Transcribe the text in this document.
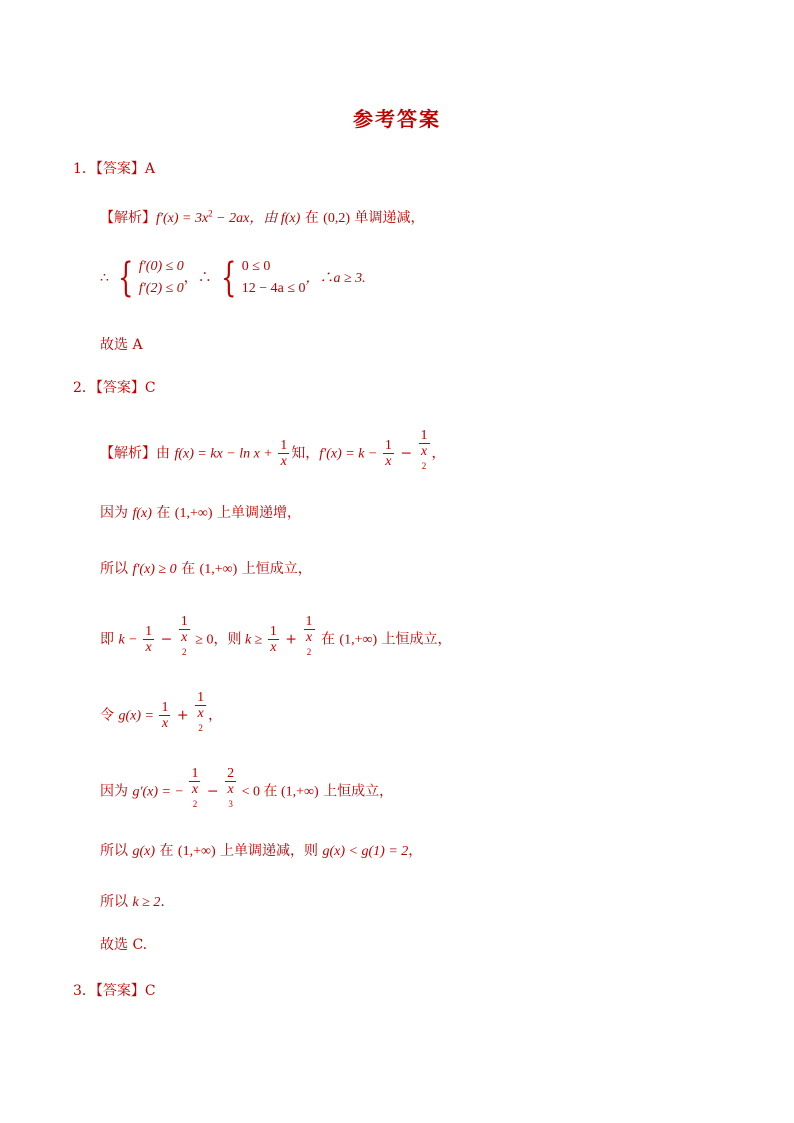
参考答案
1．【答案】A
【解析】$f'(x) = 3x^2 - 2ax$，由 f(x) 在 (0,2) 单调递减，
∴ { f′(0) ≤ 0
f′(2) ≤ 0
，∴ { 0 ≤ 0
12 − 4a ≤ 0
，∴a ≥ 3.
故选 A
2．【答案】C
【解析】由 f(x) = kx − $\ln x + \frac{1}{x}$ 知，$f'(x) = k - \frac{1}{x} - 1$
x
$^2$ ，
因为 f(x) 在 (1,+∞) 上单调递增，
所以 f′(x) ≥ 0 在 (1,+∞) 上恒成立，
即 $k - \frac{1}{x} - 1$
x
$^2$ ≥ 0，则 $k \ge \frac{1}{x} + 1$
x
$^2$ 在 (1,+∞) 上恒成立，
令 $g(x) = \frac{1}{x} + 1$
x
$^2$ ，
因为 g′(x) = − 1
x
$^2$ − 2
x
$^3$ < 0 在 (1,+∞) 上恒成立，
所以 g(x) 在 (1,+∞) 上单调递减，则 g(x) < g(1) = 2，
所以 k ≥ 2.
故选 C.
3．【答案】C
